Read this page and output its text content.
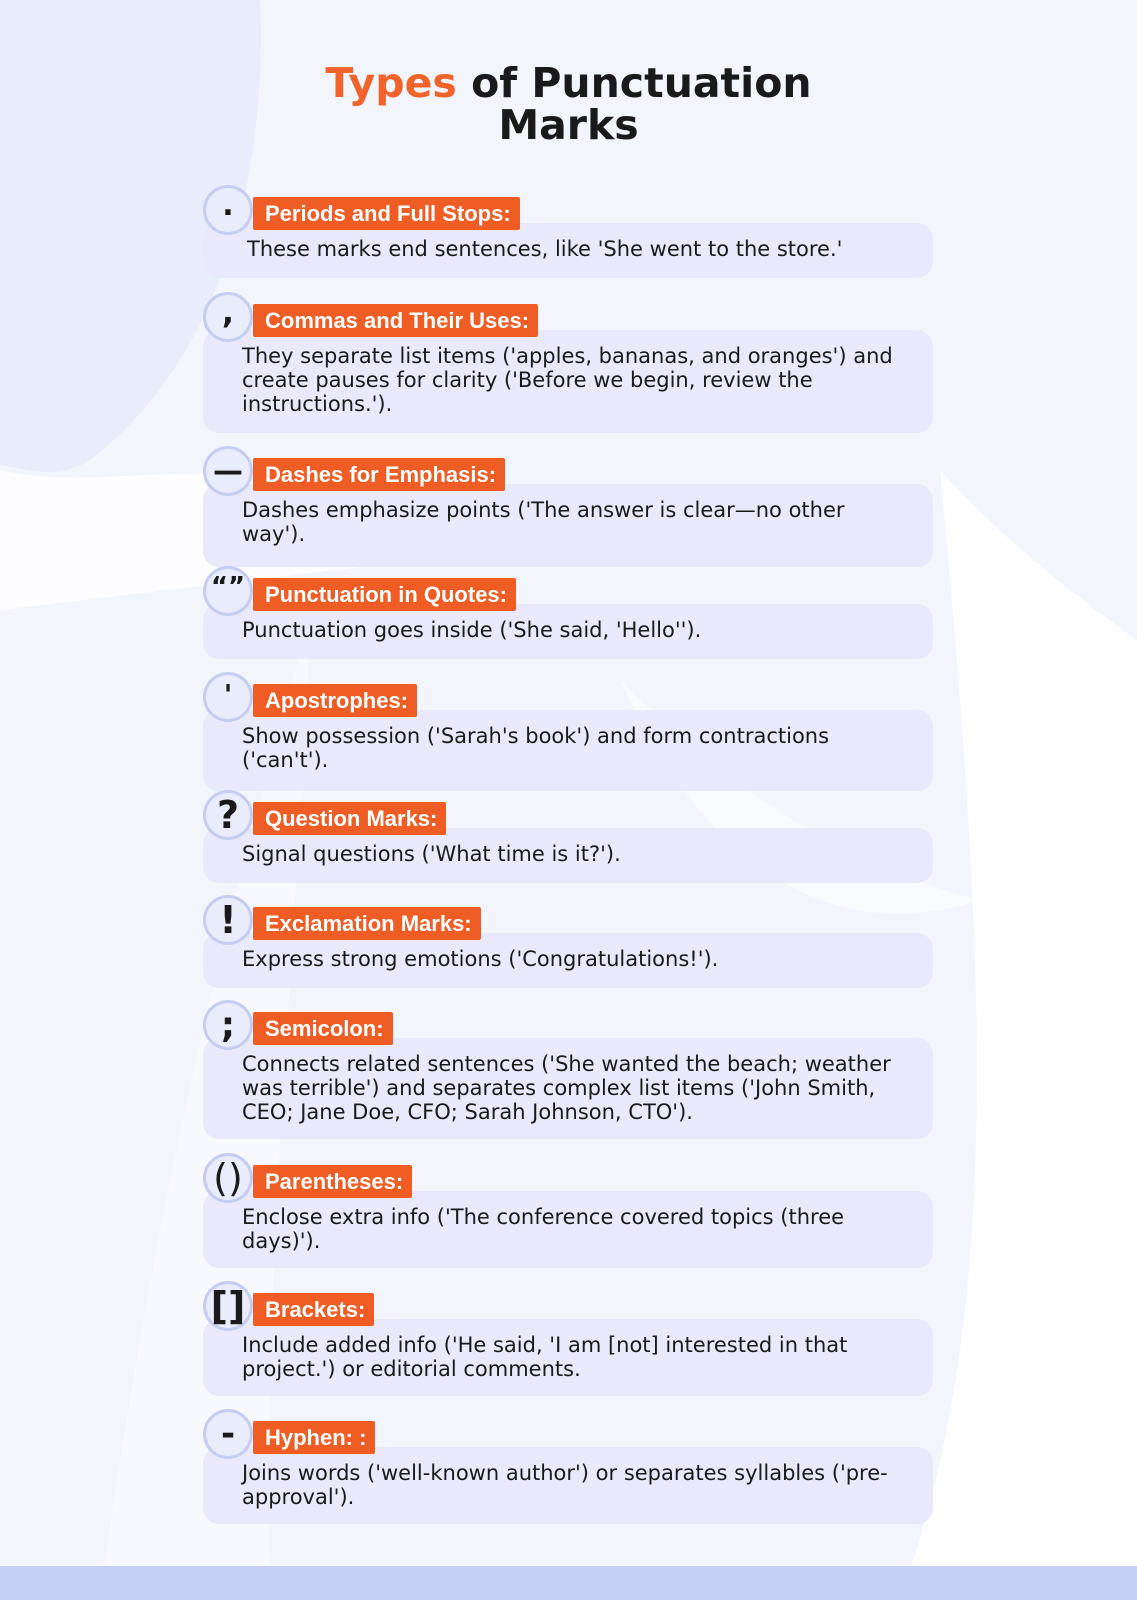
Types of Punctuation
Marks
These marks end sentences, like 'She went to the store.'
Periods and Full Stops:
.
They separate list items ('apples, bananas, and oranges') and create pauses for clarity ('Before we begin, review the instructions.').
Commas and Their Uses:
,
Dashes emphasize points ('The answer is clear—no other way').
Dashes for Emphasis:
—
Punctuation goes inside ('She said, 'Hello'').
Punctuation in Quotes:
“”
Show possession ('Sarah's book') and form contractions ('can't').
Apostrophes:
'
Signal questions ('What time is it?').
Question Marks:
?
Express strong emotions ('Congratulations!').
Exclamation Marks:
!
Connects related sentences ('She wanted the beach; weather was terrible') and separates complex list items ('John Smith, CEO; Jane Doe, CFO; Sarah Johnson, CTO').
Semicolon:
;
Enclose extra info ('The conference covered topics (three days)').
Parentheses:
()
Include added info ('He said, 'I am [not] interested in that project.') or editorial comments.
Brackets:
[]
Joins words ('well-known author') or separates syllables ('pre-approval').
Hyphen: :
-
